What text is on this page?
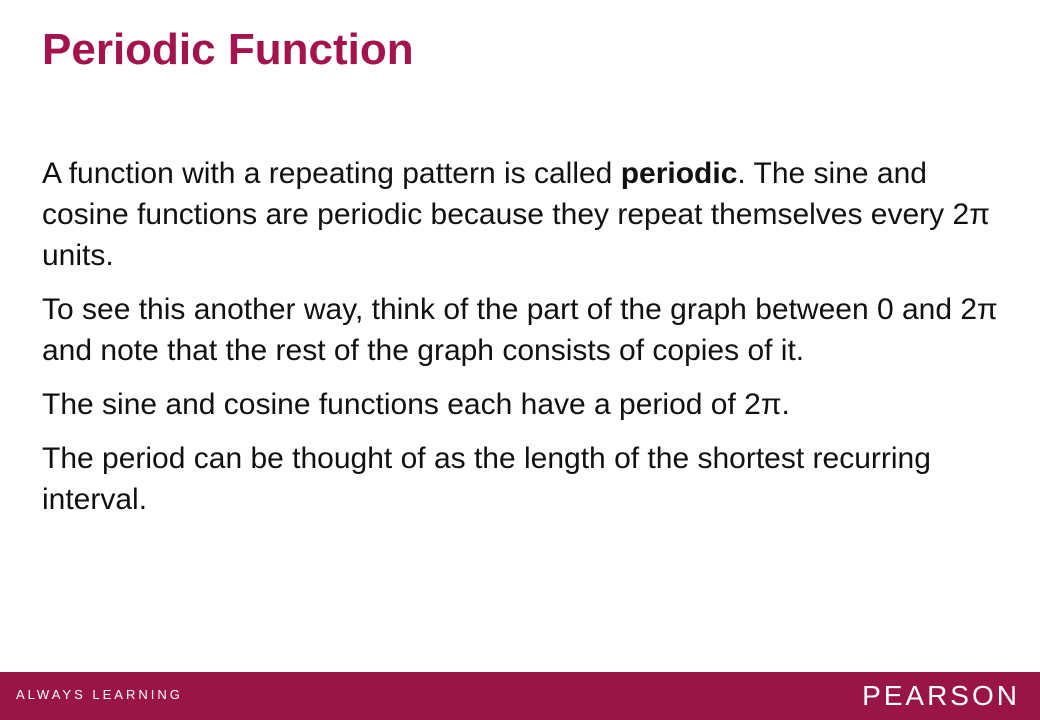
Periodic Function

A function with a repeating pattern is called periodic. The sine and cosine functions are periodic because they repeat themselves every 2π units.

To see this another way, think of the part of the graph between 0 and 2π and note that the rest of the graph consists of copies of it.

The sine and cosine functions each have a period of 2π.

The period can be thought of as the length of the shortest recurring interval.

ALWAYS LEARNING	PEARSON
